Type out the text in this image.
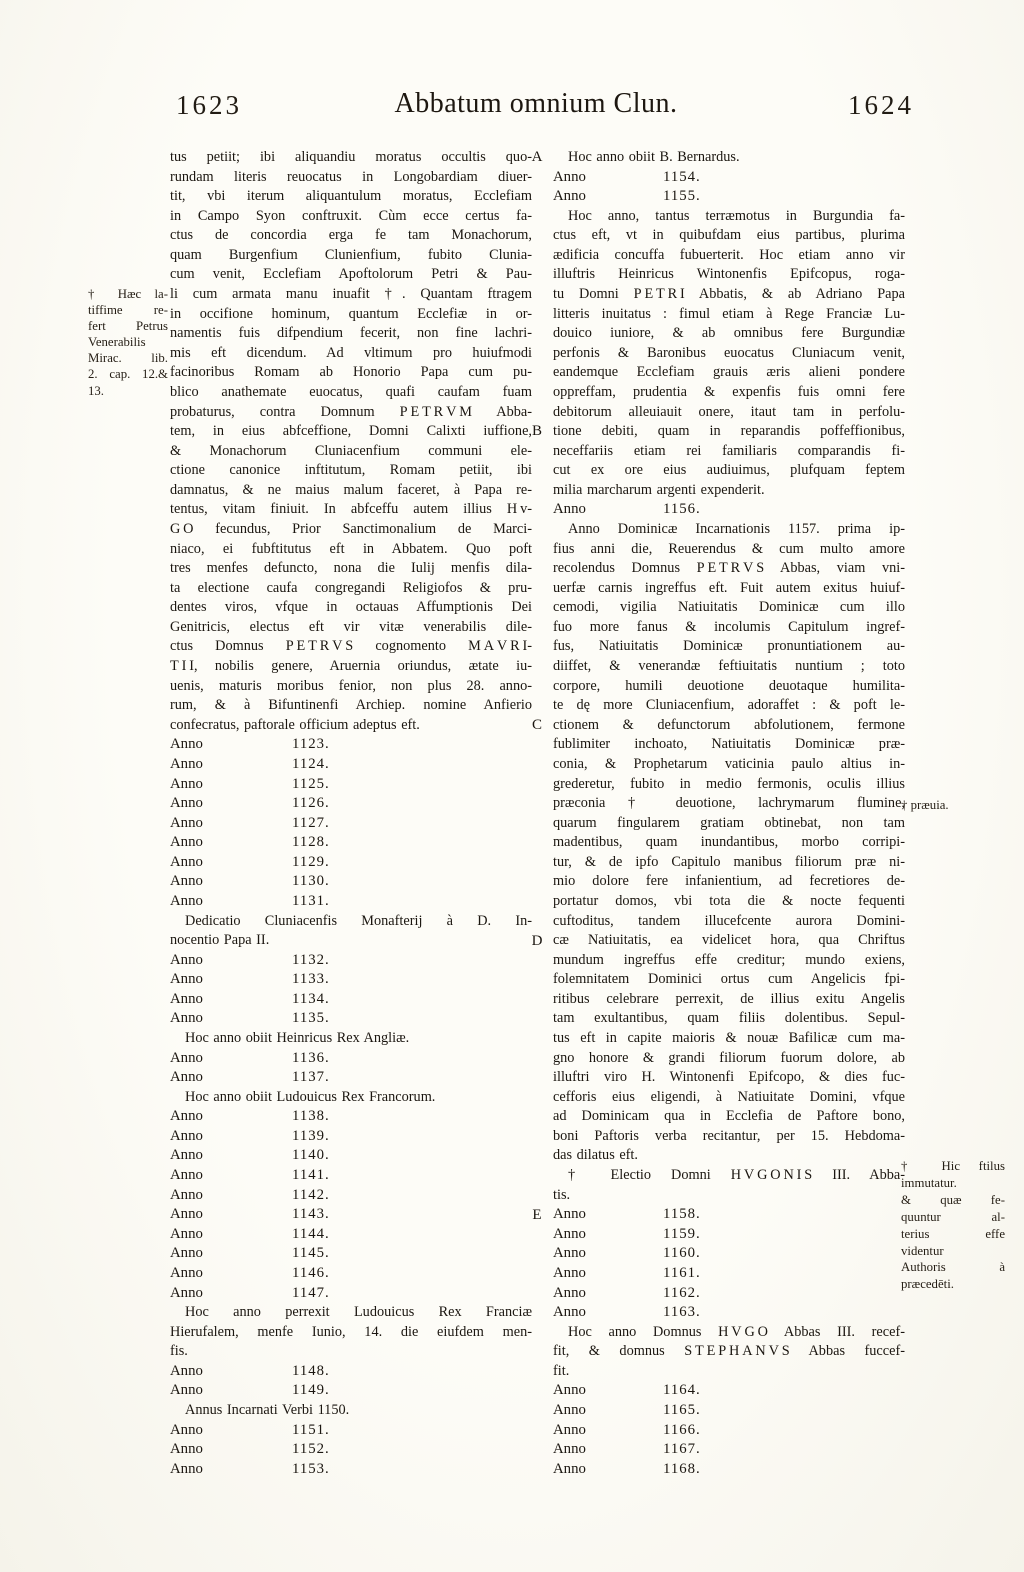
1623	Abbatum omnium Clun.	1624
tus petiit; ibi aliquandiu moratus occultis quo-
rundam literis reuocatus in Longobardiam diuer-
tit, vbi iterum aliquantulum moratus, Ecclefiam
in Campo Syon conftruxit. Cùm ecce certus fa-
ctus de concordia erga fe tam Monachorum,
quam Burgenfium Clunienfium, fubito Clunia-
cum venit, Ecclefiam Apoftolorum Petri & Pau-
li cum armata manu inuafit †. Quantam ftragem
in occifione hominum, quantum Ecclefiæ in or-
namentis fuis difpendium fecerit, non fine lachri-
mis eft dicendum. Ad vltimum pro huiufmodi
facinoribus Romam ab Honorio Papa cum pu-
blico anathemate euocatus, quafi caufam fuam
probaturus, contra Domnum P E T R V M Abba-
tem, in eius abfceffione, Domni Calixti iuffione,
& Monachorum Cluniacenfium communi ele-
ctione canonice inftitutum, Romam petiit, ibi
damnatus, & ne maius malum faceret, à Papa re-
tentus, vitam finiuit. In abfceffu autem illius H v-
G O fecundus, Prior Sanctimonalium de Marci-
niaco, ei fubftitutus eft in Abbatem. Quo poft
tres menfes defuncto, nona die Iulij menfis dila-
ta electione caufa congregandi Religiofos & pru-
dentes viros, vfque in octauas Affumptionis Dei
Genitricis, electus eft vir vitæ venerabilis dile-
ctus Domnus P E T R V S cognomento M A V R I-
T I I, nobilis genere, Aruernia oriundus, ætate iu-
uenis, maturis moribus fenior, non plus 28. anno-
rum, & à Bifuntinenfi Archiep. nomine Anfierio
confecratus, paftorale officium adeptus eft.
Anno	1123.
Anno	1124.
Anno	1125.
Anno	1126.
Anno	1127.
Anno	1128.
Anno	1129.
Anno	1130.
Anno	1131.
Dedicatio Cluniacenfis Monafterij à D. In-
nocentio Papa II.
Anno	1132.
Anno	1133.
Anno	1134.
Anno	1135.
Hoc anno obiit Heinricus Rex Angliæ.
Anno	1136.
Anno	1137.
Hoc anno obiit Ludouicus Rex Francorum.
Anno	1138.
Anno	1139.
Anno	1140.
Anno	1141.
Anno	1142.
Anno	1143.
Anno	1144.
Anno	1145.
Anno	1146.
Anno	1147.
Hoc anno perrexit Ludouicus Rex Franciæ
Hierufalem, menfe Iunio, 14. die eiufdem men-
fis.
Anno	1148.
Anno	1149.
Annus Incarnati Verbi 1150.
Anno	1151.
Anno	1152.
Anno	1153.
Hoc anno obiit B. Bernardus.
Anno	1154.
Anno	1155.
Hoc anno, tantus terræmotus in Burgundia fa-
ctus eft, vt in quibufdam eius partibus, plurima
ædificia concuffa fubuerterit. Hoc etiam anno vir
illuftris Heinricus Wintonenfis Epifcopus, roga-
tu Domni P E T R I Abbatis, & ab Adriano Papa
litteris inuitatus : fimul etiam à Rege Franciæ Lu-
douico iuniore, & ab omnibus fere Burgundiæ
perfonis & Baronibus euocatus Cluniacum venit,
eandemque Ecclefiam grauis æris alieni pondere
oppreffam, prudentia & expenfis fuis omni fere
debitorum alleuiauit onere, itaut tam in perfolu-
tione debiti, quam in reparandis poffeffionibus,
neceffariis etiam rei familiaris comparandis fi-
cut ex ore eius audiuimus, plufquam feptem
milia marcharum argenti expenderit.
Anno	1156.
Anno Dominicæ Incarnationis 1157. prima ip-
fius anni die, Reuerendus & cum multo amore
recolendus Domnus P E T R V S Abbas, viam vni-
uerfæ carnis ingreffus eft. Fuit autem exitus huiuf-
cemodi, vigilia Natiuitatis Dominicæ cum illo
fuo more fanus & incolumis Capitulum ingref-
fus, Natiuitatis Dominicæ pronuntiationem au-
diiffet, & venerandæ feftiuitatis nuntium ; toto
corpore, humili deuotione deuotaque humilita-
te dę more Cluniacenfium, adoraffet : & poft le-
ctionem & defunctorum abfolutionem, fermone
fublimiter inchoato, Natiuitatis Dominicæ præ-
conia, & Prophetarum vaticinia paulo altius in-
grederetur, fubito in medio fermonis, oculis illius
præconia † deuotione, lachrymarum flumine,
quarum fingularem gratiam obtinebat, non tam
madentibus, quam inundantibus, morbo corripi-
tur, & de ipfo Capitulo manibus filiorum præ ni-
mio dolore fere infanientium, ad fecretiores de-
portatur domos, vbi tota die & nocte fequenti
cuftoditus, tandem illucefcente aurora Domini-
cæ Natiuitatis, ea videlicet hora, qua Chriftus
mundum ingreffus effe creditur; mundo exiens,
folemnitatem Dominici ortus cum Angelicis fpi-
ritibus celebrare perrexit, de illius exitu Angelis
tam exultantibus, quam filiis dolentibus. Sepul-
tus eft in capite maioris & nouæ Bafilicæ cum ma-
gno honore & grandi filiorum fuorum dolore, ab
illuftri viro H. Wintonenfi Epifcopo, & dies fuc-
cefforis eius eligendi, à Natiuitate Domini, vfque
ad Dominicam qua in Ecclefia de Paftore bono,
boni Paftoris verba recitantur, per 15. Hebdoma-
das dilatus eft.
† Electio Domni H V G O N I S III. Abba-
tis.
Anno	1158.
Anno	1159.
Anno	1160.
Anno	1161.
Anno	1162.
Anno	1163.
Hoc anno Domnus H V G O Abbas III. recef-
fit, & domnus S T E P H A N V S Abbas fuccef-
fit.
Anno	1164.
Anno	1165.
Anno	1166.
Anno	1167.
Anno	1168.
A
B
C
D
E
† Hæc la-
tiffime re-
fert Petrus
Venerabilis
Mirac. lib.
2. cap. 12.&
13.
† præuia.
† Hic ftilus
immutatur.
& quæ fe-
quuntur al-
terius effe
videntur
Authoris à
præcedēti.
